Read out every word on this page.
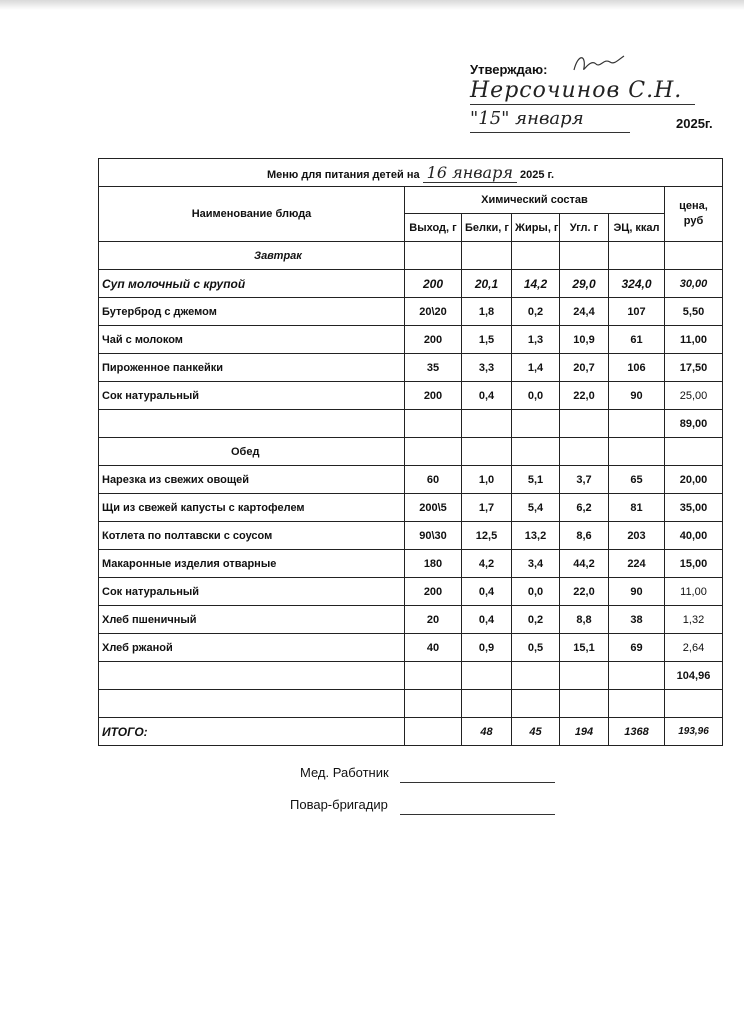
Утверждаю:
Нерсочинов С.Н.
"15" января	2025г.
Меню для питания детей на 16 января 2025 г.						
Наименование блюда	Химический состав					цена, руб
	Выход, г	Белки, г	Жиры, г	Угл. г	ЭЦ, ккал	
Завтрак						
Суп молочный с крупой	200	20,1	14,2	29,0	324,0	30,00
Бутерброд с джемом	20\20	1,8	0,2	24,4	107	5,50
Чай с молоком	200	1,5	1,3	10,9	61	11,00
Пироженное панкейки	35	3,3	1,4	20,7	106	17,50
Сок натуральный	200	0,4	0,0	22,0	90	25,00
						89,00
Обед						
Нарезка из свежих овощей	60	1,0	5,1	3,7	65	20,00
Щи из свежей капусты с картофелем	200\5	1,7	5,4	6,2	81	35,00
Котлета по полтавски с соусом	90\30	12,5	13,2	8,6	203	40,00
Макаронные изделия отварные	180	4,2	3,4	44,2	224	15,00
Сок натуральный	200	0,4	0,0	22,0	90	11,00
Хлеб пшеничный	20	0,4	0,2	8,8	38	1,32
Хлеб ржаной	40	0,9	0,5	15,1	69	2,64
						104,96

ИТОГО:		48	45	194	1368	193,96
Мед. Работник
Повар-бригадир
